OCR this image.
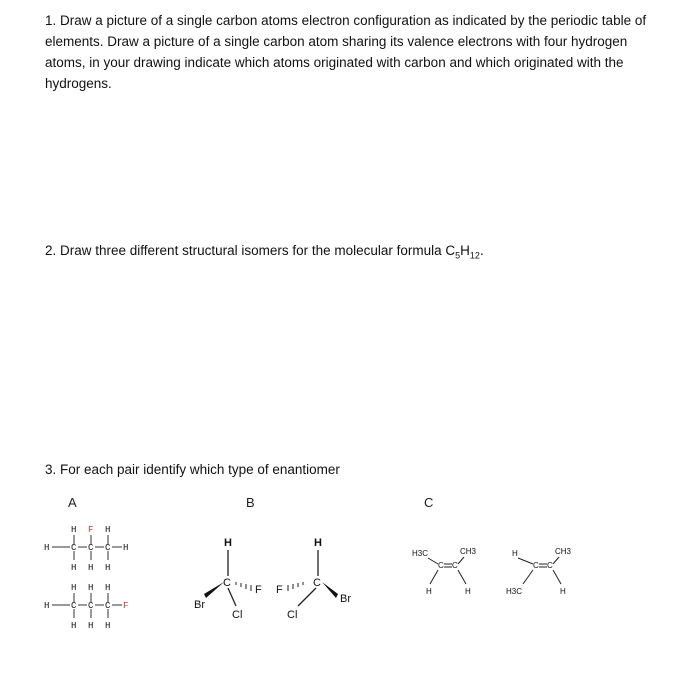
1. Draw a picture of a single carbon atoms electron configuration as indicated by the periodic table of elements. Draw a picture of a single carbon atom sharing its valence electrons with four hydrogen atoms, in your drawing indicate which atoms originated with carbon and which originated with the hydrogens.
2. Draw three different structural isomers for the molecular formula $C_5H_{12}$.
3. For each pair identify which type of enantiomer
A	B	C
H F H
H C C C H
H H H
H H H
H C C C F
H H H
H
C
Br
F
Cl
H
C
F
Br
Cl
H3C	CH3
C C
H	H
H	CH3
C C
H3C	H
